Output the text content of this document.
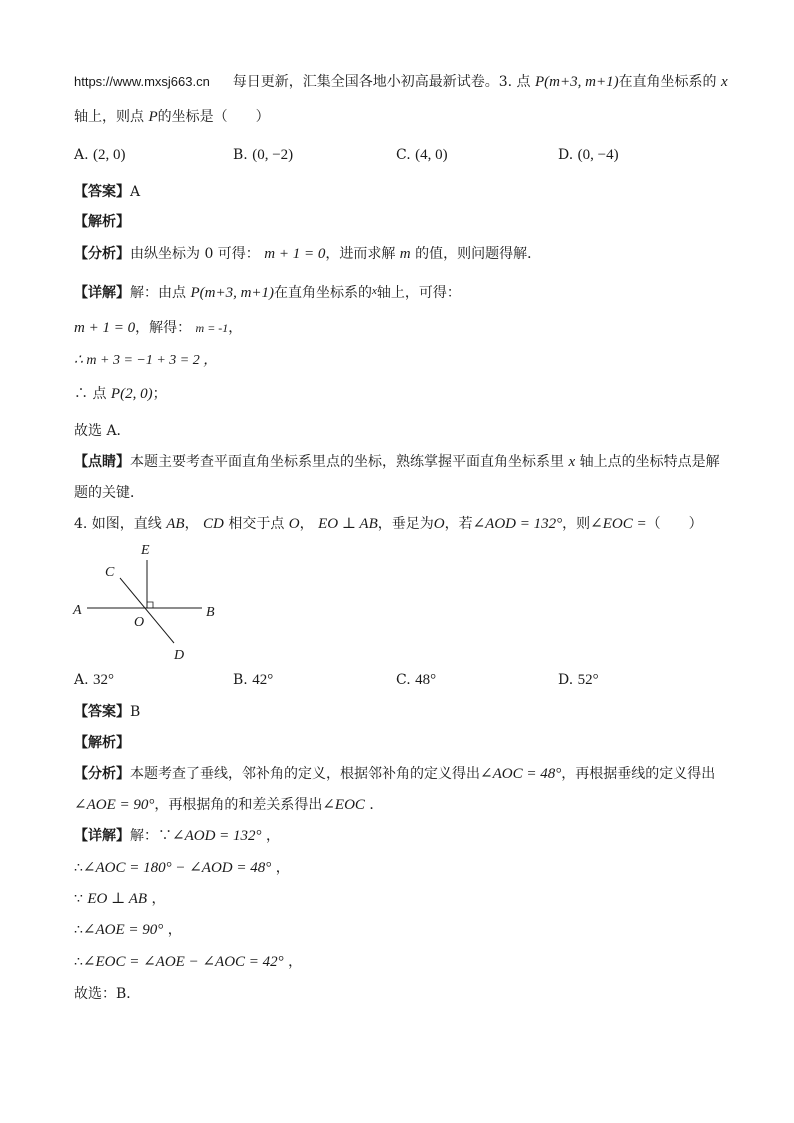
https://www.mxsj663.cn 每日更新，汇集全国各地小初高最新试卷。3. 点 P(m+3, m+1)在直角坐标系的 x
轴上，则点 P的坐标是（　　）
A. (2, 0)	B. (0, −2)	C. (4, 0)	D. (0, −4)
【答案】A
【解析】
【分析】由纵坐标为 0 可得： m + 1 = 0，进而求解 m 的值，则问题得解．
【详解】解：由点 P(m+3, m+1)在直角坐标系的$^x$轴上，可得：
m + 1 = 0，解得： m = -1，
∴ m + 3 = −1 + 3 = 2 ，
∴ 点 P(2, 0)；
故选 A．
【点睛】本题主要考查平面直角坐标系里点的坐标，熟练掌握平面直角坐标系里 x 轴上点的坐标特点是解
题的关键．
4. 如图，直线 AB， CD 相交于点 O， EO ⊥ AB，垂足为O，若∠AOD = 132°，则∠EOC =（　　）
E
C
A	B
O
D
A. 32°	B. 42°	C. 48°	D. 52°
【答案】B
【解析】
【分析】本题考查了垂线，邻补角的定义，根据邻补角的定义得出∠AOC = 48°，再根据垂线的定义得出
∠AOE = 90°，再根据角的和差关系得出∠EOC ．
【详解】解：∵∠AOD = 132° ，
∴∠AOC = 180° − ∠AOD = 48° ，
∵ EO ⊥ AB ，
∴∠AOE = 90° ，
∴∠EOC = ∠AOE − ∠AOC = 42° ，
故选：B．
